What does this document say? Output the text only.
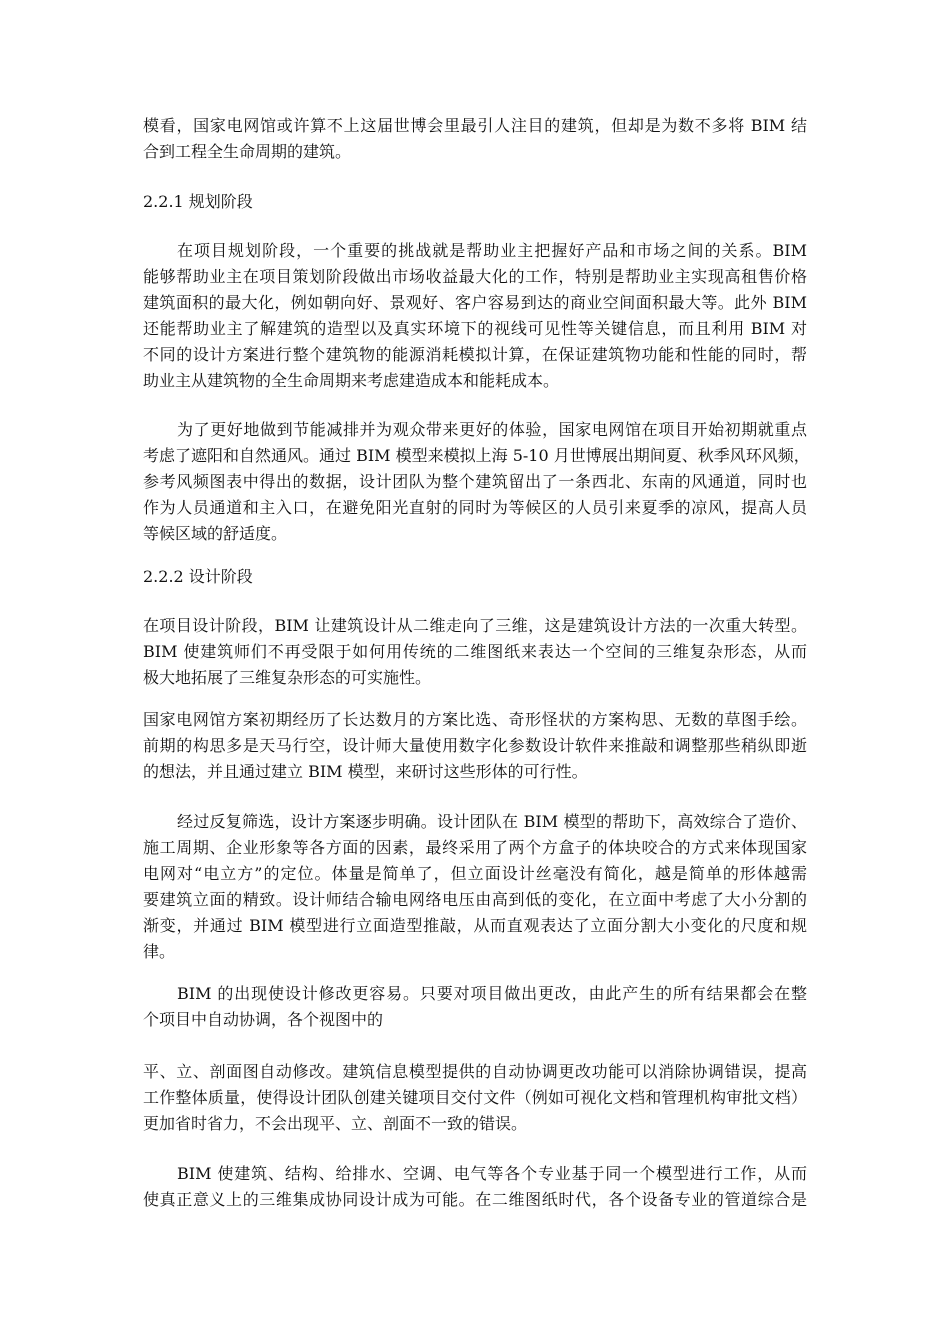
模看，国家电网馆或许算不上这届世博会里最引人注目的建筑，但却是为数不多将 BIM 结
合到工程全生命周期的建筑。
2.2.1 规划阶段
在项目规划阶段，一个重要的挑战就是帮助业主把握好产品和市场之间的关系。BIM
能够帮助业主在项目策划阶段做出市场收益最大化的工作，特别是帮助业主实现高租售价格
建筑面积的最大化，例如朝向好、景观好、客户容易到达的商业空间面积最大等。此外 BIM
还能帮助业主了解建筑的造型以及真实环境下的视线可见性等关键信息，而且利用 BIM 对
不同的设计方案进行整个建筑物的能源消耗模拟计算，在保证建筑物功能和性能的同时，帮
助业主从建筑物的全生命周期来考虑建造成本和能耗成本。
为了更好地做到节能减排并为观众带来更好的体验，国家电网馆在项目开始初期就重点
考虑了遮阳和自然通风。通过 BIM 模型来模拟上海 5-10 月世博展出期间夏、秋季风环风频，
参考风频图表中得出的数据，设计团队为整个建筑留出了一条西北、东南的风通道，同时也
作为人员通道和主入口，在避免阳光直射的同时为等候区的人员引来夏季的凉风，提高人员
等候区域的舒适度。
2.2.2 设计阶段
在项目设计阶段，BIM 让建筑设计从二维走向了三维，这是建筑设计方法的一次重大转型。
BIM 使建筑师们不再受限于如何用传统的二维图纸来表达一个空间的三维复杂形态，从而
极大地拓展了三维复杂形态的可实施性。
国家电网馆方案初期经历了长达数月的方案比选、奇形怪状的方案构思、无数的草图手绘。
前期的构思多是天马行空，设计师大量使用数字化参数设计软件来推敲和调整那些稍纵即逝
的想法，并且通过建立 BIM 模型，来研讨这些形体的可行性。
经过反复筛选，设计方案逐步明确。设计团队在 BIM 模型的帮助下，高效综合了造价、
施工周期、企业形象等各方面的因素，最终采用了两个方盒子的体块咬合的方式来体现国家
电网对“电立方”的定位。体量是简单了，但立面设计丝毫没有简化，越是简单的形体越需
要建筑立面的精致。设计师结合输电网络电压由高到低的变化，在立面中考虑了大小分割的
渐变，并通过 BIM 模型进行立面造型推敲，从而直观表达了立面分割大小变化的尺度和规
律。
BIM 的出现使设计修改更容易。只要对项目做出更改，由此产生的所有结果都会在整
个项目中自动协调，各个视图中的
平、立、剖面图自动修改。建筑信息模型提供的自动协调更改功能可以消除协调错误，提高
工作整体质量，使得设计团队创建关键项目交付文件（例如可视化文档和管理机构审批文档）
更加省时省力，不会出现平、立、剖面不一致的错误。
BIM 使建筑、结构、给排水、空调、电气等各个专业基于同一个模型进行工作，从而
使真正意义上的三维集成协同设计成为可能。在二维图纸时代，各个设备专业的管道综合是
